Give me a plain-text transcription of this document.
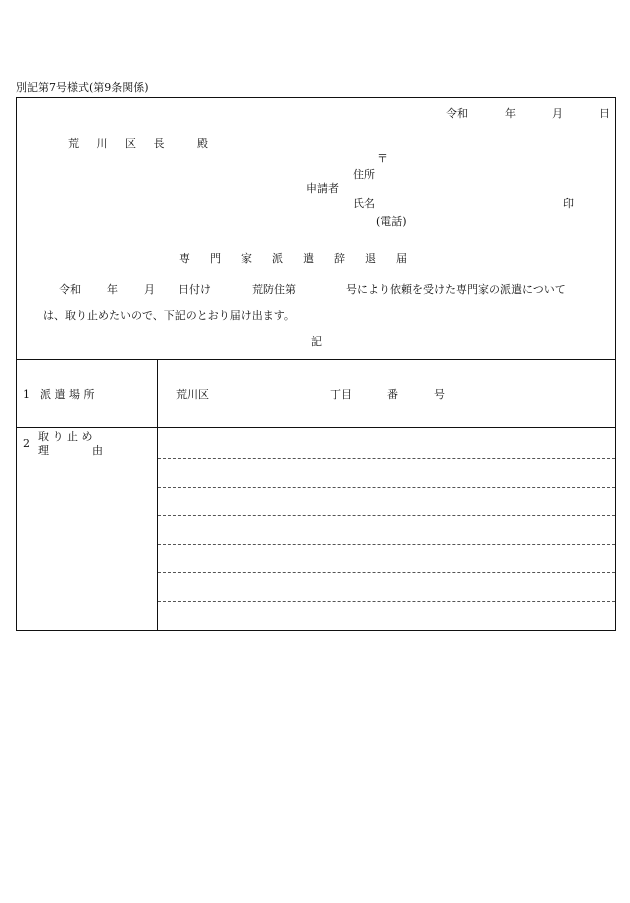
別記第7号様式(第9条関係)
令和	年	月	日
荒 川 区 長 殿
〒
住所
申請者
氏名	印
(電話)
専門家派遣辞退届
令和 年 月 日付け	荒防住第	号により依頼を受けた専門家の派遣について
は、取り止めたいので、下記のとおり届け出ます。
記
1 派 遣 場 所	荒川区	丁目	番	号
2
取 り 止 め
理	由
